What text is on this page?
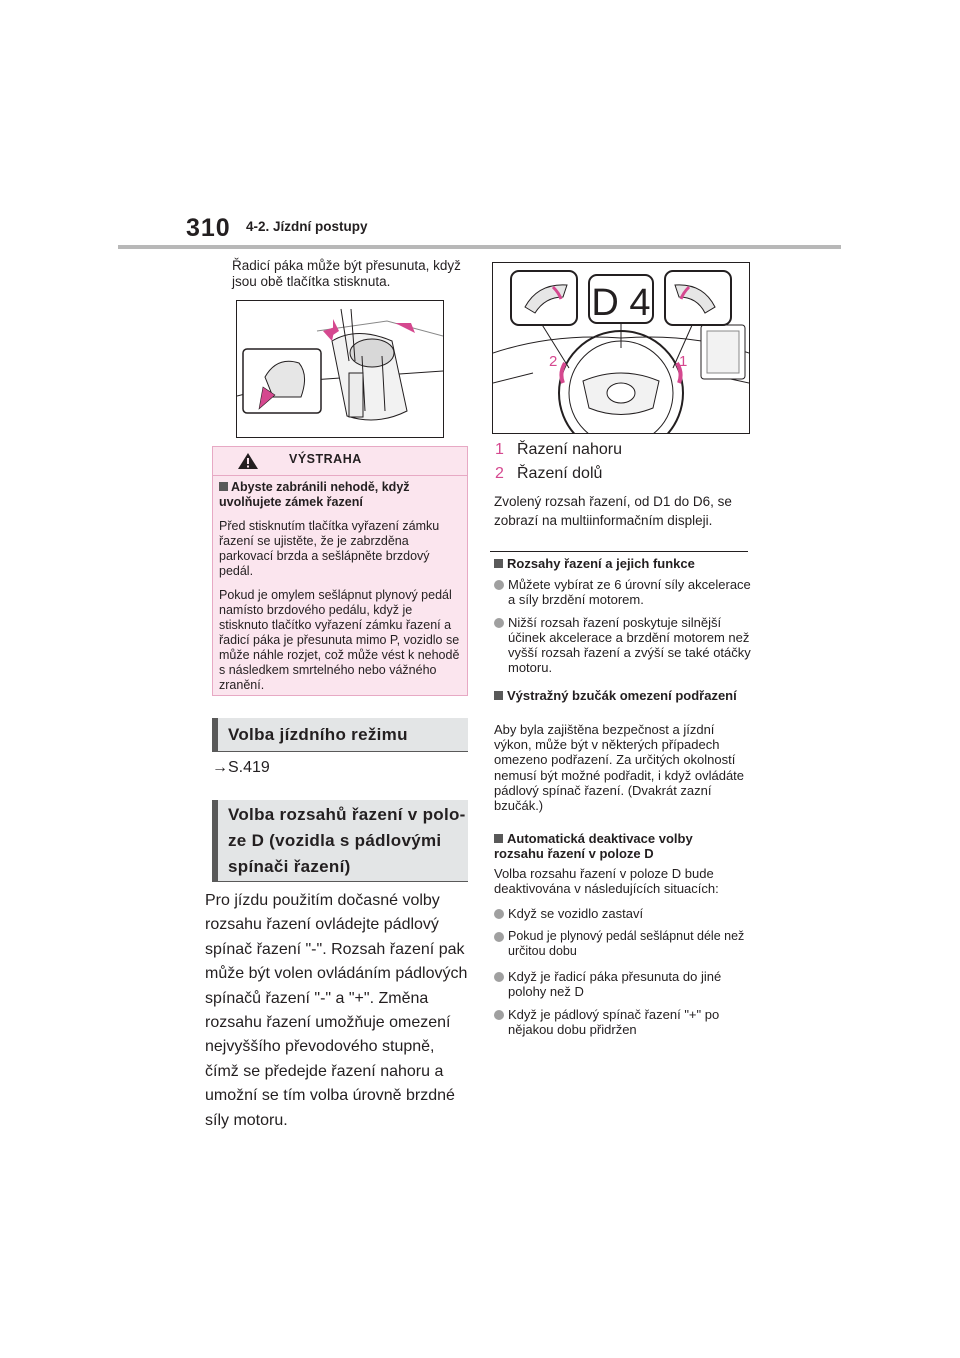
310 4-2. Jízdní postupy
Řadicí páka může být přesunuta, když jsou obě tlačítka stisknuta.
VÝSTRAHA
Abyste zabránili nehodě, když uvolňujete zámek řazení
Před stisknutím tlačítka vyřazení zámku řazení se ujistěte, že je zabrzděna parkovací brzda a sešlápněte brzdový pedál.
Pokud je omylem sešlápnut plynový pedál namísto brzdového pedálu, když je stisknuto tlačítko vyřazení zámku řazení a řadicí páka je přesunuta mimo P, vozidlo se může náhle rozjet, což může vést k nehodě s následkem smrtelného nebo vážného zranění.
Volba jízdního režimu
→S.419
Volba rozsahů řazení v polo-
ze D (vozidla s pádlovými
spínači řazení)
Pro jízdu použitím dočasné volby rozsahu řazení ovládejte pádlový spínač řazení "-". Rozsah řazení pak může být volen ovládáním pádlových spínačů řazení "-" a "+". Změna rozsahu řazení umožňuje omezení nejvyššího převodového stupně, čímž se předejde řazení nahoru a umožní se tím volba úrovně brzdné síly motoru.
2	1
D 4
1 Řazení nahoru
2 Řazení dolů
Zvolený rozsah řazení, od D1 do D6, se zobrazí na multiinformačním displeji.
Rozsahy řazení a jejich funkce
Můžete vybírat ze 6 úrovní síly akcelerace a síly brzdění motorem.
Nižší rozsah řazení poskytuje silnější účinek akcelerace a brzdění motorem než vyšší rozsah řazení a zvýší se také otáčky motoru.
Výstražný bzučák omezení podřazení
Aby byla zajištěna bezpečnost a jízdní výkon, může být v některých případech omezeno podřazení. Za určitých okolností nemusí být možné podřadit, i když ovládáte pádlový spínač řazení. (Dvakrát zazní bzučák.)
Automatická deaktivace volby rozsahu řazení v poloze D
Volba rozsahu řazení v poloze D bude deaktivována v následujících situacích:
Když se vozidlo zastaví
Pokud je plynový pedál sešlápnut déle než určitou dobu
Když je řadicí páka přesunuta do jiné polohy než D
Když je pádlový spínač řazení "+" po nějakou dobu přidržen
